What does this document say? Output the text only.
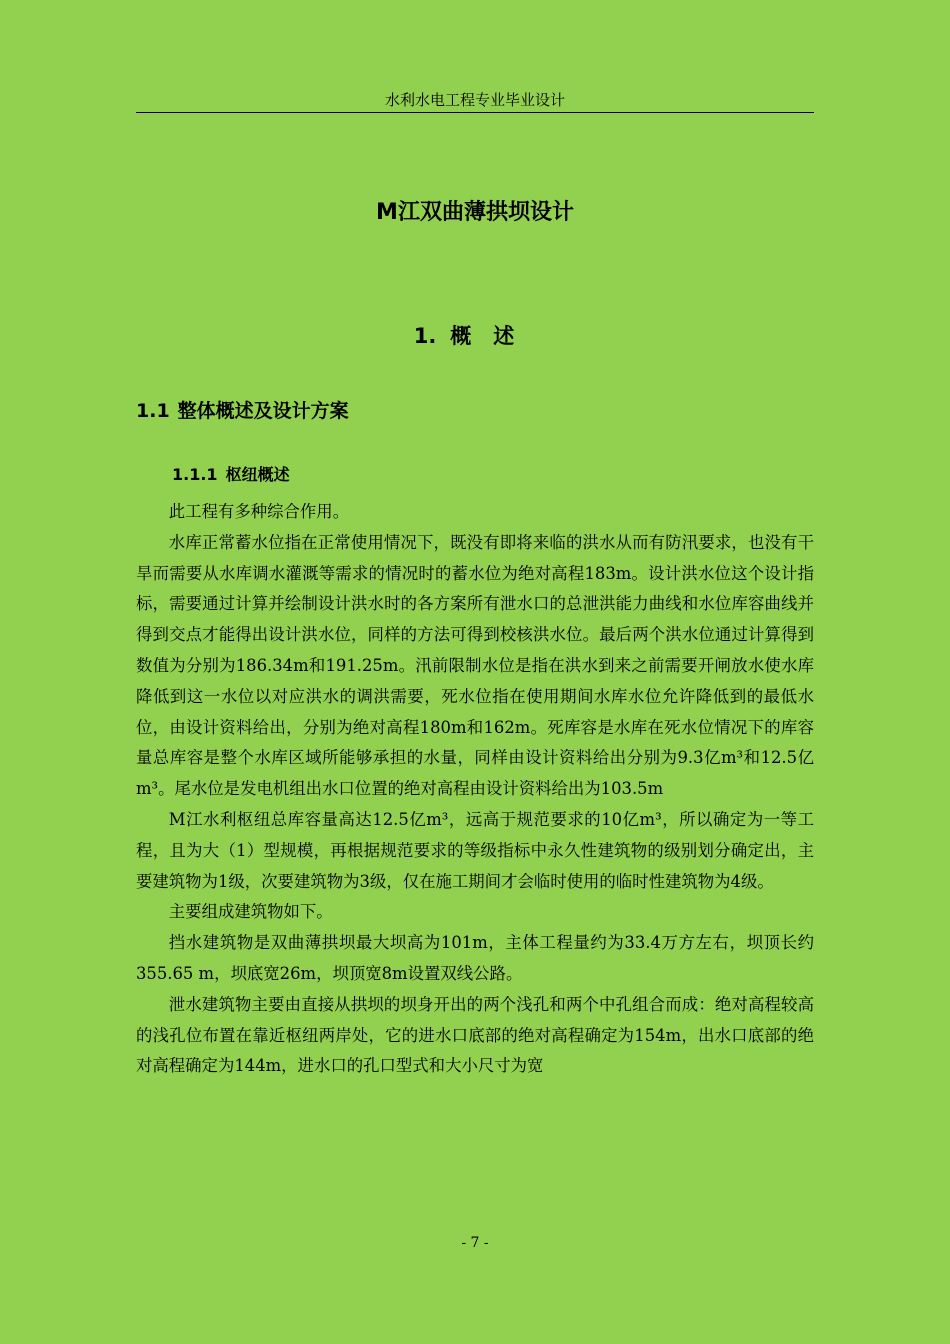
水利水电工程专业毕业设计
M江双曲薄拱坝设计
1. 概述
1.1 整体概述及设计方案
1.1.1 枢纽概述

此工程有多种综合作用。

水库正常蓄水位指在正常使用情况下，既没有即将来临的洪水从而有防汛要求，也没有干旱而需要从水库调水灌溉等需求的情况时的蓄水位为绝对高程183m。设计洪水位这个设计指标，需要通过计算并绘制设计洪水时的各方案所有泄水口的总泄洪能力曲线和水位库容曲线并得到交点才能得出设计洪水位，同样的方法可得到校核洪水位。最后两个洪水位通过计算得到数值为分别为186.34m和191.25m。汛前限制水位是指在洪水到来之前需要开闸放水使水库降低到这一水位以对应洪水的调洪需要，死水位指在使用期间水库水位允许降低到的最低水位，由设计资料给出，分别为绝对高程180m和162m。死库容是水库在死水位情况下的库容量总库容是整个水库区域所能够承担的水量，同样由设计资料给出分别为9.3亿m³和12.5亿m³。尾水位是发电机组出水口位置的绝对高程由设计资料给出为103.5m

M江水利枢纽总库容量高达12.5亿m³，远高于规范要求的10亿m³，所以确定为一等工程，且为大（1）型规模，再根据规范要求的等级指标中永久性建筑物的级别划分确定出，主要建筑物为1级，次要建筑物为3级，仅在施工期间才会临时使用的临时性建筑物为4级。

主要组成建筑物如下。

挡水建筑物是双曲薄拱坝最大坝高为101m，主体工程量约为33.4万方左右，坝顶长约355.65 m，坝底宽26m，坝顶宽8m设置双线公路。

泄水建筑物主要由直接从拱坝的坝身开出的两个浅孔和两个中孔组合而成：绝对高程较高的浅孔位布置在靠近枢纽两岸处，它的进水口底部的绝对高程确定为154m，出水口底部的绝对高程确定为144m，进水口的孔口型式和大小尺寸为宽

- 7 -
